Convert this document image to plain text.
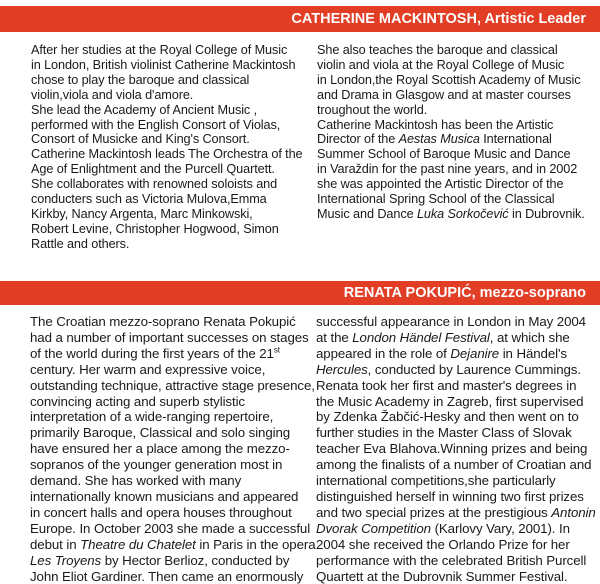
CATHERINE MACKINTOSH, Artistic Leader
After her studies at the Royal College of Music
in London, British violinist Catherine Mackintosh
chose to play the baroque and classical
violin,viola and viola d'amore.
She lead the Academy of Ancient Music ,
performed with the English Consort of Violas,
Consort of Musicke and King's Consort.
Catherine Mackintosh leads The Orchestra of the
Age of Enlightment and the Purcell Quartett.
She collaborates with renowned soloists and
conducters such as Victoria Mulova,Emma
Kirkby, Nancy Argenta, Marc Minkowski,
Robert Levine, Christopher Hogwood, Simon
Rattle and others.
She also teaches the baroque and classical
violin and viola at the Royal College of Music
in London,the Royal Scottish Academy of Music
and Drama in Glasgow and at master courses
troughout the world.
Catherine Mackintosh has been the Artistic
Director of the Aestas Musica International
Summer School of Baroque Music and Dance
in Varaždin for the past nine years, and in 2002
she was appointed the Artistic Director of the
International Spring School of the Classical
Music and Dance Luka Sorkočević in Dubrovnik.
RENATA POKUPIĆ, mezzo-soprano
The Croatian mezzo-soprano Renata Pokupić
had a number of important successes on stages
of the world during the first years of the 21st
century. Her warm and expressive voice,
outstanding technique, attractive stage presence,
convincing acting and superb stylistic
interpretation of a wide-ranging repertoire,
primarily Baroque, Classical and solo singing
have ensured her a place among the mezzo-
sopranos of the younger generation most in
demand. She has worked with many
internationally known musicians and appeared
in concert halls and opera houses throughout
Europe. In October 2003 she made a successful
debut in Theatre du Chatelet in Paris in the opera
Les Troyens by Hector Berlioz, conducted by
John Eliot Gardiner. Then came an enormously
successful appearance in London in May 2004
at the London Händel Festival, at which she
appeared in the role of Dejanire in Händel's
Hercules, conducted by Laurence Cummings.
Renata took her first and master's degrees in
the Music Academy in Zagreb, first supervised
by Zdenka Žabčić-Hesky and then went on to
further studies in the Master Class of Slovak
teacher Eva Blahova.Winning prizes and being
among the finalists of a number of Croatian and
international competitions,she particularly
distinguished herself in winning two first prizes
and two special prizes at the prestigious Antonin
Dvorak Competition (Karlovy Vary, 2001). In
2004 she received the Orlando Prize for her
performance with the celebrated British Purcell
Quartett at the Dubrovnik Summer Festival.
